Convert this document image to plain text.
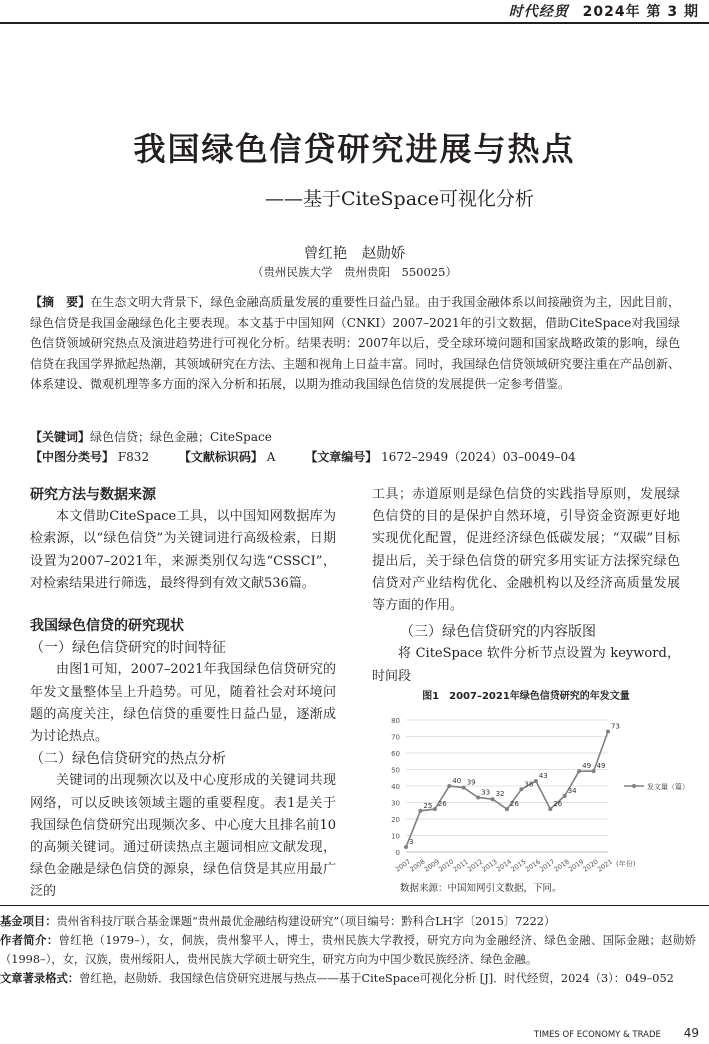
时代经贸 2024年 第 3 期
我国绿色信贷研究进展与热点
——基于CiteSpace可视化分析
曾红艳　赵勋娇
（贵州民族大学　贵州贵阳　550025）
【摘　要】在生态文明大背景下，绿色金融高质量发展的重要性日益凸显。由于我国金融体系以间接融资为主，因此目前，绿色信贷是我国金融绿色化主要表现。本文基于中国知网（CNKI）2007–2021年的引文数据，借助CiteSpace对我国绿色信贷领域研究热点及演进趋势进行可视化分析。结果表明：2007年以后，受全球环境问题和国家战略政策的影响，绿色信贷在我国学界掀起热潮，其领域研究在方法、主题和视角上日益丰富。同时，我国绿色信贷领域研究要注重在产品创新、体系建设、微观机理等多方面的深入分析和拓展，以期为推动我国绿色信贷的发展提供一定参考借鉴。
【关键词】绿色信贷；绿色金融；CiteSpace
【中图分类号】 F832 【文献标识码】 A 【文章编号】 1672–2949（2024）03–0049–04
研究方法与数据来源
本文借助CiteSpace工具，以中国知网数据库为检索源，以“绿色信贷”为关键词进行高级检索，日期设置为2007–2021年，来源类别仅勾选“CSSCI”，对检索结果进行筛选，最终得到有效文献536篇。
我国绿色信贷的研究现状
（一）绿色信贷研究的时间特征
由图1可知，2007–2021年我国绿色信贷研究的年发文量整体呈上升趋势。可见，随着社会对环境问题的高度关注，绿色信贷的重要性日益凸显，逐渐成为讨论热点。
（二）绿色信贷研究的热点分析
关键词的出现频次以及中心度形成的关键词共现网络，可以反映该领域主题的重要程度。表1是关于我国绿色信贷研究出现频次多、中心度大且排名前10的高频关键词。通过研读热点主题词相应文献发现，绿色金融是绿色信贷的源泉，绿色信贷是其应用最广泛的
工具；赤道原则是绿色信贷的实践指导原则，发展绿色信贷的目的是保护自然环境，引导资金资源更好地实现优化配置，促进经济绿色低碳发展；“双碳”目标提出后，关于绿色信贷的研究多用实证方法探究绿色信贷对产业结构优化、金融机构以及经济高质量发展等方面的作用。
（三）绿色信贷研究的内容版图
将 CiteSpace 软件分析节点设置为 keyword，时间段
图1　2007–2021年绿色信贷研究的年发文量
0
10
20
30
40
50
60
70
80
2007
2008
2009
2010
2011
2012
2013
2014
2015
2016
2017
2018
2019
2020
2021 (年份)
3
25 26
40 39
33 32
26
38
43
26
34
49 49
73
发文量（篇）
数据来源：中国知网引文数据，下同。
基金项目：贵州省科技厅联合基金课题“贵州最优金融结构建设研究”（项目编号：黔科合LH字〔2015〕7222）
作者简介：曾红艳（1979–），女，侗族，贵州黎平人，博士，贵州民族大学教授，研究方向为金融经济、绿色金融、国际金融；赵勋娇（1998–），女，汉族，贵州绥阳人，贵州民族大学硕士研究生，研究方向为中国少数民族经济、绿色金融。
文章著录格式：曾红艳，赵勋娇．我国绿色信贷研究进展与热点——基于CiteSpace可视化分析 [J]．时代经贸，2024（3）：049–052
TIMES OF ECONOMY & TRADE 49
